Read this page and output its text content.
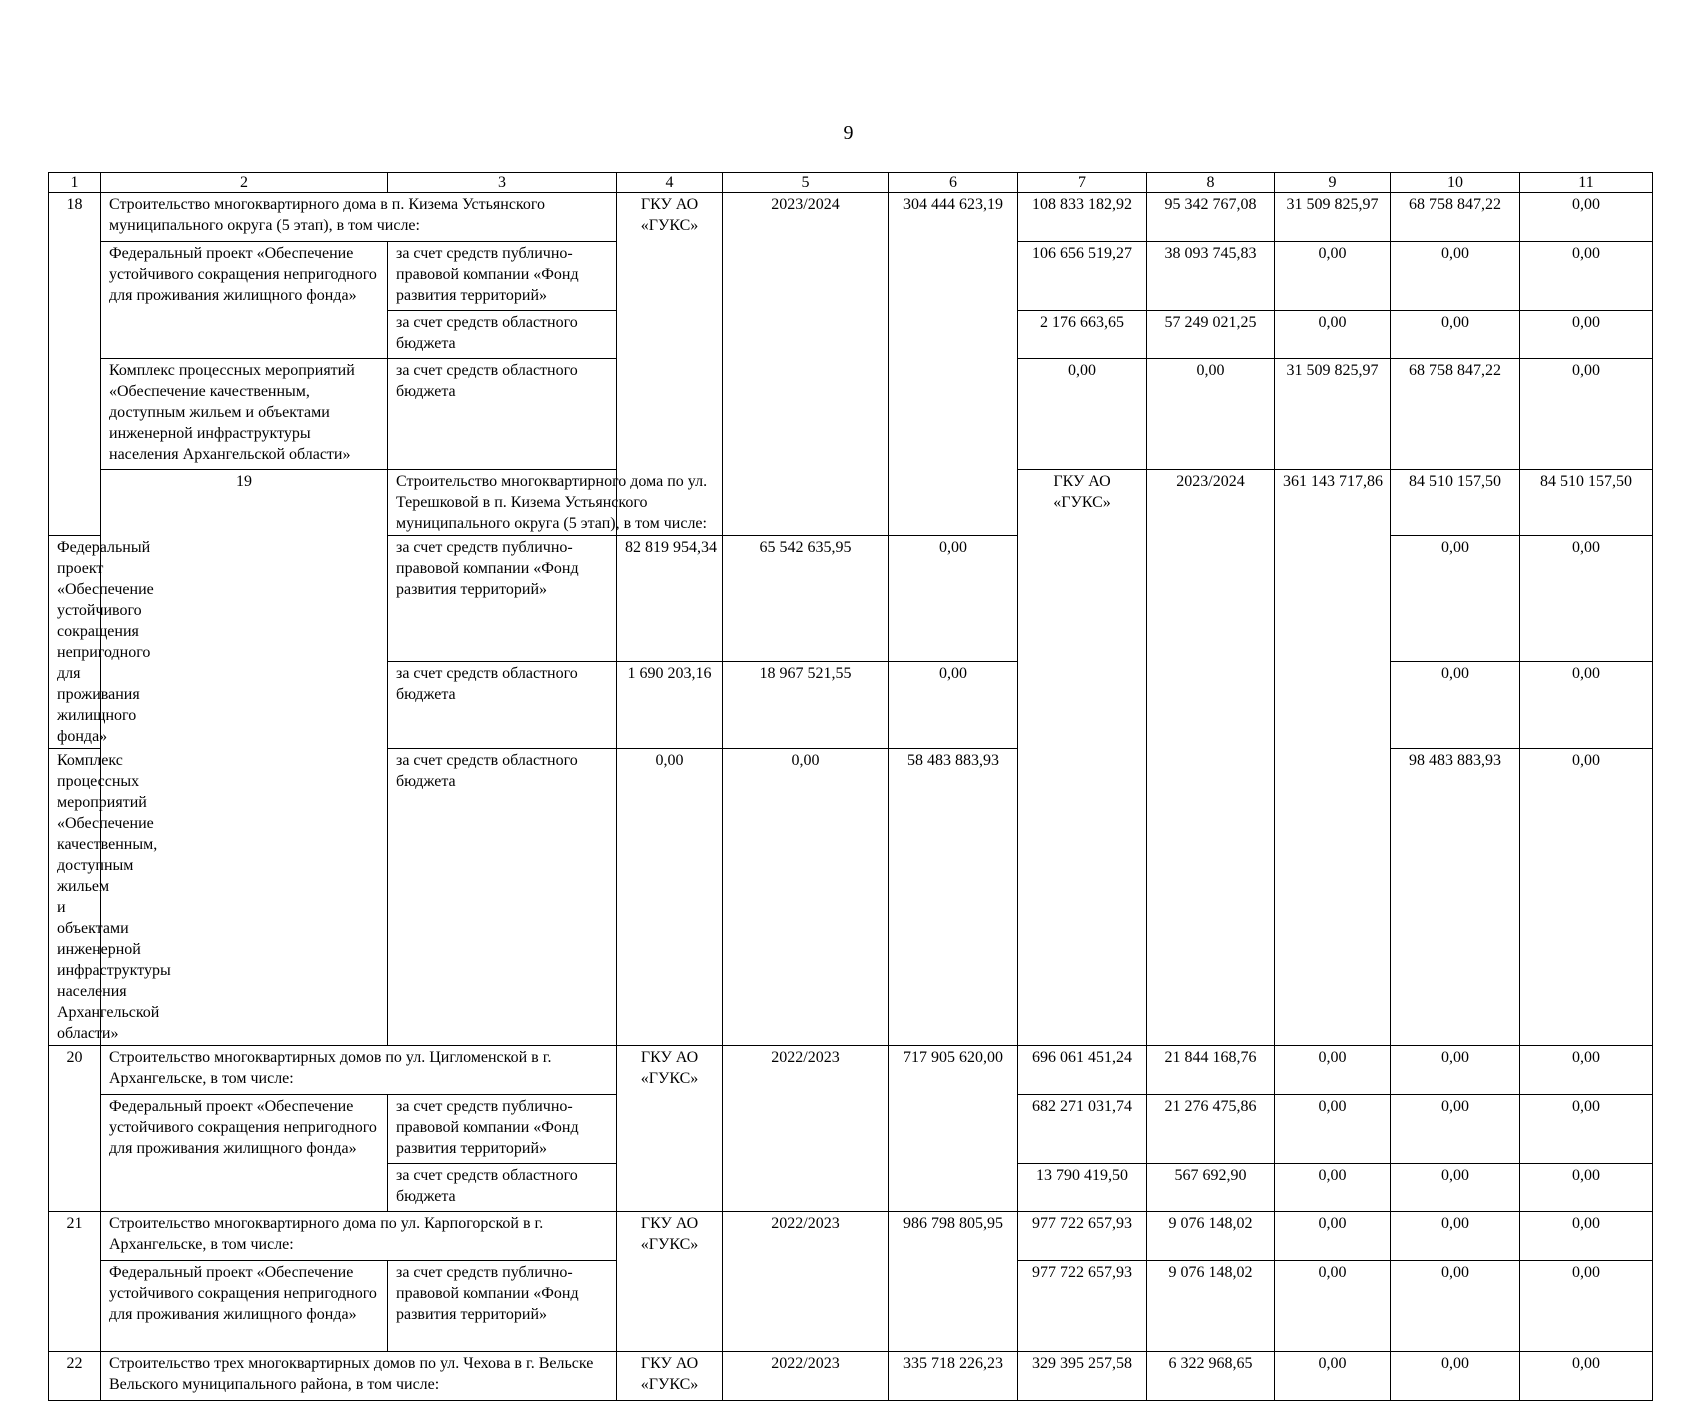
9
1	2	3	4	5	6	7	8	9	10	11	
18	Строительство многоквартирного дома в п. Кизема Устьянского муниципального округа (5 этап), в том числе:		ГКУ АО «ГУКС»	2023/2024	304 444 623,19	108 833 182,92	95 342 767,08	31 509 825,97	68 758 847,22	0,00	
	Федеральный проект «Обеспечение устойчивого сокращения непригодного для проживания жилищного фонда»	за счет средств публично-правовой компании «Фонд развития территорий»				106 656 519,27	38 093 745,83	0,00	0,00	0,00	
		за счет средств областного бюджета				2 176 663,65	57 249 021,25	0,00	0,00	0,00	
	Комплекс процессных мероприятий «Обеспечение качественным, доступным жильем и объектами инженерной инфраструктуры населения Архангельской области»	за счет средств областного бюджета				0,00	0,00	31 509 825,97	68 758 847,22	0,00	
	19	Строительство многоквартирного дома по ул. Терешковой в п. Кизема Устьянского муниципального округа (5 этап), в том числе:				ГКУ АО «ГУКС»	2023/2024	361 143 717,86	84 510 157,50	84 510 157,50			
Федеральный проект «Обеспечение устойчивого сокращения непригодного для проживания жилищного фонда»		за счет средств публично-правовой компании «Фонд развития территорий»	82 819 954,34	65 542 635,95	0,00				0,00	0,00	
		за счет средств областного бюджета	1 690 203,16	18 967 521,55	0,00				0,00	0,00	
Комплекс процессных мероприятий «Обеспечение качественным, доступным жильем и объектами инженерной инфраструктуры населения Архангельской области»		за счет средств областного бюджета	0,00	0,00	58 483 883,93				98 483 883,93	0,00	
20	Строительство многоквартирных домов по ул. Цигломенской в г. Архангельске, в том числе:		ГКУ АО «ГУКС»	2022/2023	717 905 620,00	696 061 451,24	21 844 168,76	0,00	0,00	0,00	
	Федеральный проект «Обеспечение устойчивого сокращения непригодного для проживания жилищного фонда»	за счет средств публично-правовой компании «Фонд развития территорий»				682 271 031,74	21 276 475,86	0,00	0,00	0,00	
		за счет средств областного бюджета				13 790 419,50	567 692,90	0,00	0,00	0,00	
21	Строительство многоквартирного дома по ул. Карпогорской в г. Архангельске, в том числе:		ГКУ АО «ГУКС»	2022/2023	986 798 805,95	977 722 657,93	9 076 148,02	0,00	0,00	0,00	
	Федеральный проект «Обеспечение устойчивого сокращения непригодного для проживания жилищного фонда»	за счет средств публично-правовой компании «Фонд развития территорий»				977 722 657,93	9 076 148,02	0,00	0,00	0,00	
22	Строительство трех многоквартирных домов по ул. Чехова в г. Вельске Вельского муниципального района, в том числе:		ГКУ АО «ГУКС»	2022/2023	335 718 226,23	329 395 257,58	6 322 968,65	0,00	0,00	0,00	
